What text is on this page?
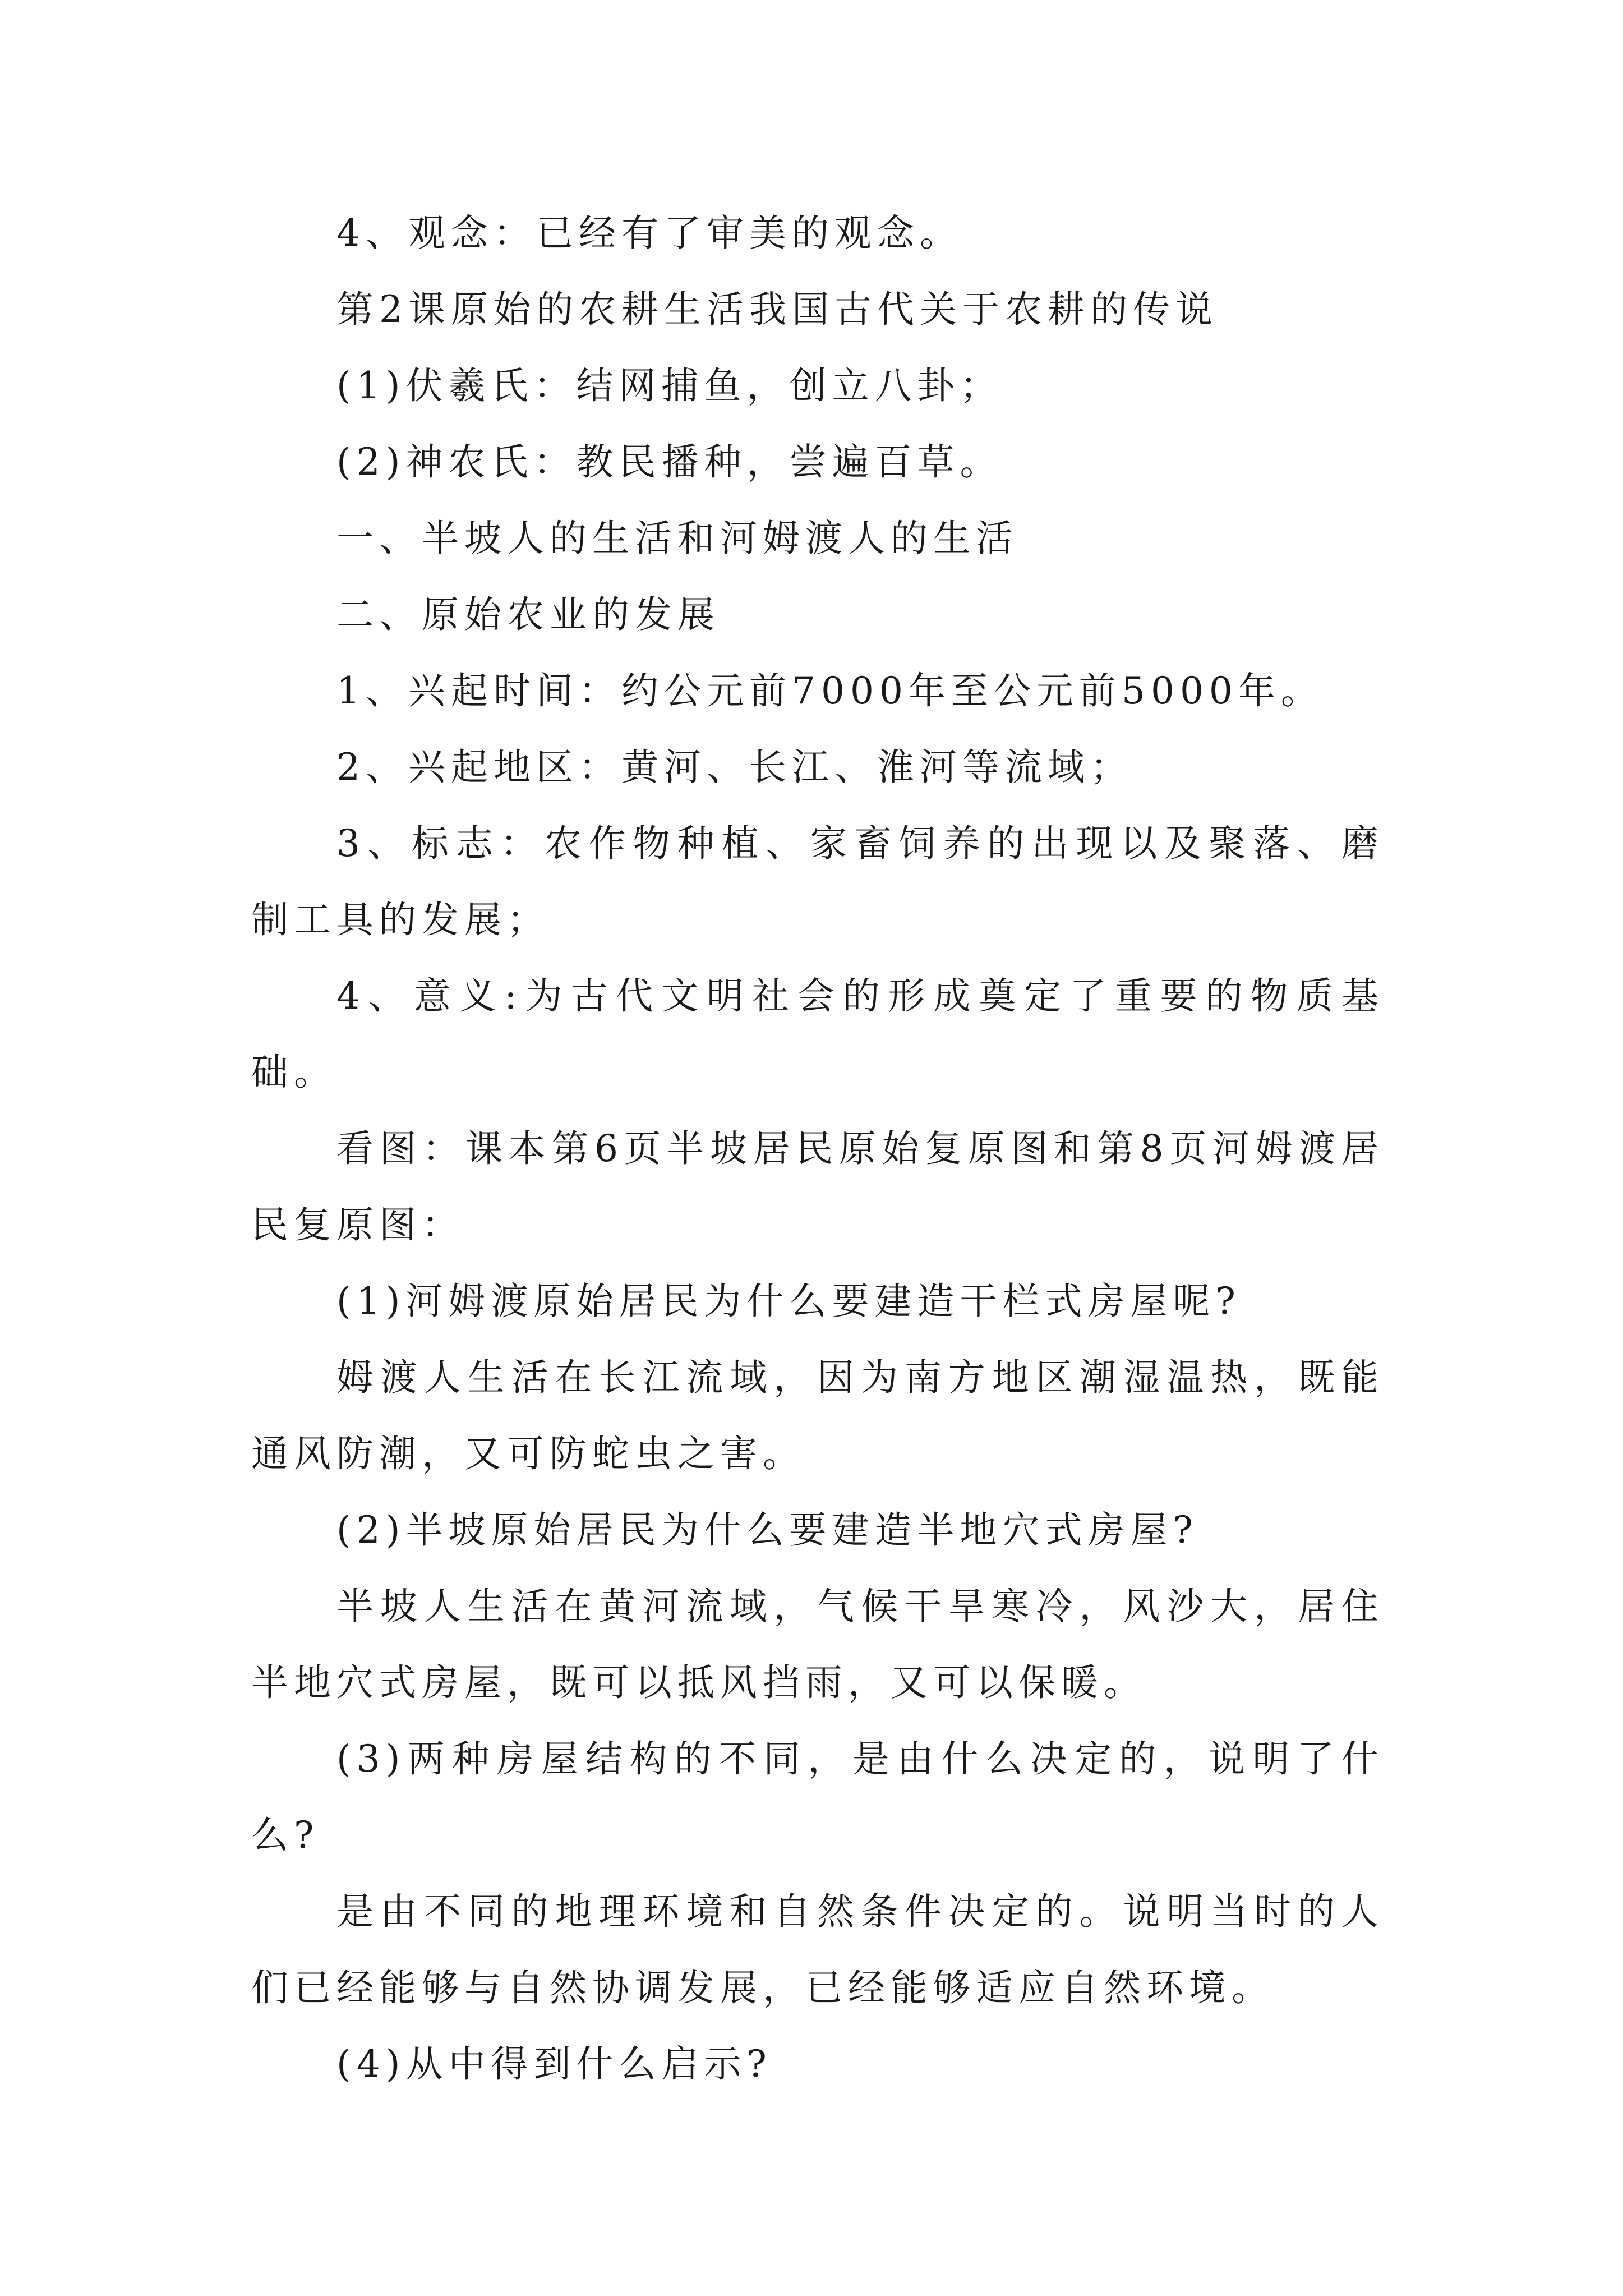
4、观念：已经有了审美的观念。

第2课原始的农耕生活我国古代关于农耕的传说

(1)伏羲氏：结网捕鱼，创立八卦；

(2)神农氏：教民播种，尝遍百草。

一、半坡人的生活和河姆渡人的生活

二、原始农业的发展

1、兴起时间：约公元前7000年至公元前5000年。

2、兴起地区：黄河、长江、淮河等流域；

3、标志：农作物种植、家畜饲养的出现以及聚落、磨制工具的发展；

4、意义:为古代文明社会的形成奠定了重要的物质基础。

看图：课本第6页半坡居民原始复原图和第8页河姆渡居民复原图：

(1)河姆渡原始居民为什么要建造干栏式房屋呢?

姆渡人生活在长江流域，因为南方地区潮湿温热，既能通风防潮，又可防蛇虫之害。

(2)半坡原始居民为什么要建造半地穴式房屋?

半坡人生活在黄河流域，气候干旱寒冷，风沙大，居住半地穴式房屋，既可以抵风挡雨，又可以保暖。

(3)两种房屋结构的不同，是由什么决定的，说明了什么?

是由不同的地理环境和自然条件决定的。说明当时的人们已经能够与自然协调发展，已经能够适应自然环境。

(4)从中得到什么启示?
